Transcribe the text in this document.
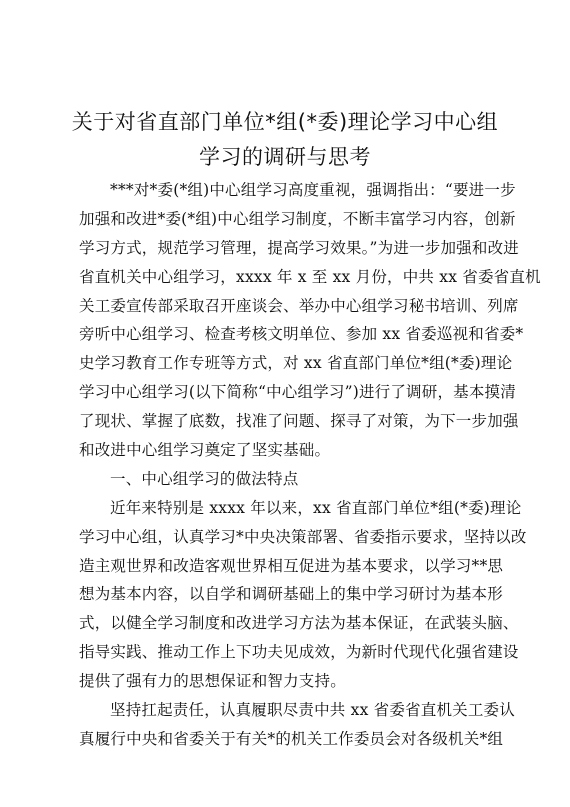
关于对省直部门单位*组(*委)理论学习中心组
学习的调研与思考
***对*委(*组)中心组学习高度重视，强调指出：“要进一步
加强和改进*委(*组)中心组学习制度，不断丰富学习内容，创新
学习方式，规范学习管理，提高学习效果。”为进一步加强和改进
省直机关中心组学习，xxxx 年 x 至 xx 月份，中共 xx 省委省直机
关工委宣传部采取召开座谈会、举办中心组学习秘书培训、列席
旁听中心组学习、检查考核文明单位、参加 xx 省委巡视和省委*
史学习教育工作专班等方式，对 xx 省直部门单位*组(*委)理论
学习中心组学习(以下简称“中心组学习”)进行了调研，基本摸清
了现状、掌握了底数，找准了问题、探寻了对策，为下一步加强
和改进中心组学习奠定了坚实基础。
一、中心组学习的做法特点
近年来特别是 xxxx 年以来，xx 省直部门单位*组(*委)理论
学习中心组，认真学习*中央决策部署、省委指示要求，坚持以改
造主观世界和改造客观世界相互促进为基本要求，以学习**思
想为基本内容，以自学和调研基础上的集中学习研讨为基本形
式，以健全学习制度和改进学习方法为基本保证，在武装头脑、
指导实践、推动工作上下功夫见成效，为新时代现代化强省建设
提供了强有力的思想保证和智力支持。
坚持扛起责任，认真履职尽责中共 xx 省委省直机关工委认
真履行中央和省委关于有关*的机关工作委员会对各级机关*组
